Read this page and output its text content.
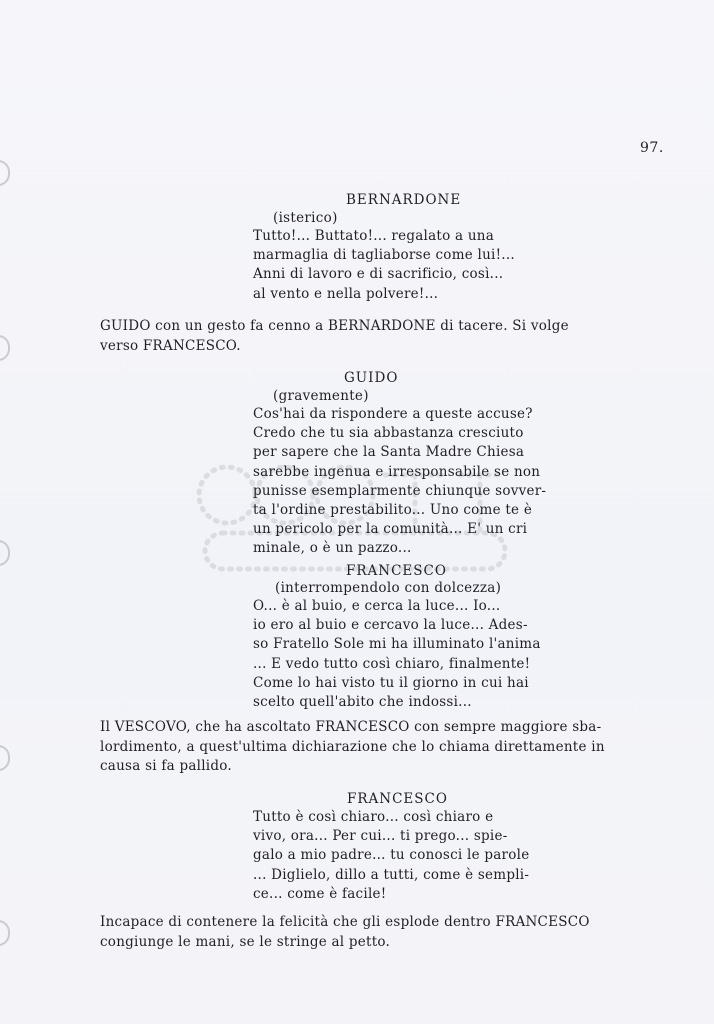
97.
BERNARDONE
(isterico)
Tutto!... Buttato!... regalato a una
marmaglia di tagliaborse come lui!...
Anni di lavoro e di sacrificio, così...
al vento e nella polvere!...
GUIDO con un gesto fa cenno a BERNARDONE di tacere. Si volge
verso FRANCESCO.
GUIDO
(gravemente)
Cos'hai da rispondere a queste accuse?
Credo che tu sia abbastanza cresciuto
per sapere che la Santa Madre Chiesa
sarebbe ingenua e irresponsabile se non
punisse esemplarmente chiunque sovver-
ta l'ordine prestabilito... Uno come te è
un pericolo per la comunità... E' un cri
minale, o è un pazzo...
FRANCESCO
(interrompendolo con dolcezza)
O... è al buio, e cerca la luce... Io...
io ero al buio e cercavo la luce... Ades-
so Fratello Sole mi ha illuminato l'anima
... E vedo tutto così chiaro, finalmente!
Come lo hai visto tu il giorno in cui hai
scelto quell'abito che indossi...
Il VESCOVO, che ha ascoltato FRANCESCO con sempre maggiore sba-
lordimento, a quest'ultima dichiarazione che lo chiama direttamente in
causa si fa pallido.
FRANCESCO
Tutto è così chiaro... così chiaro e
vivo, ora... Per cui... ti prego... spie-
galo a mio padre... tu conosci le parole
... Diglielo, dillo a tutti, come è sempli-
ce... come è facile!
Incapace di contenere la felicità che gli esplode dentro FRANCESCO
congiunge le mani, se le stringe al petto.
